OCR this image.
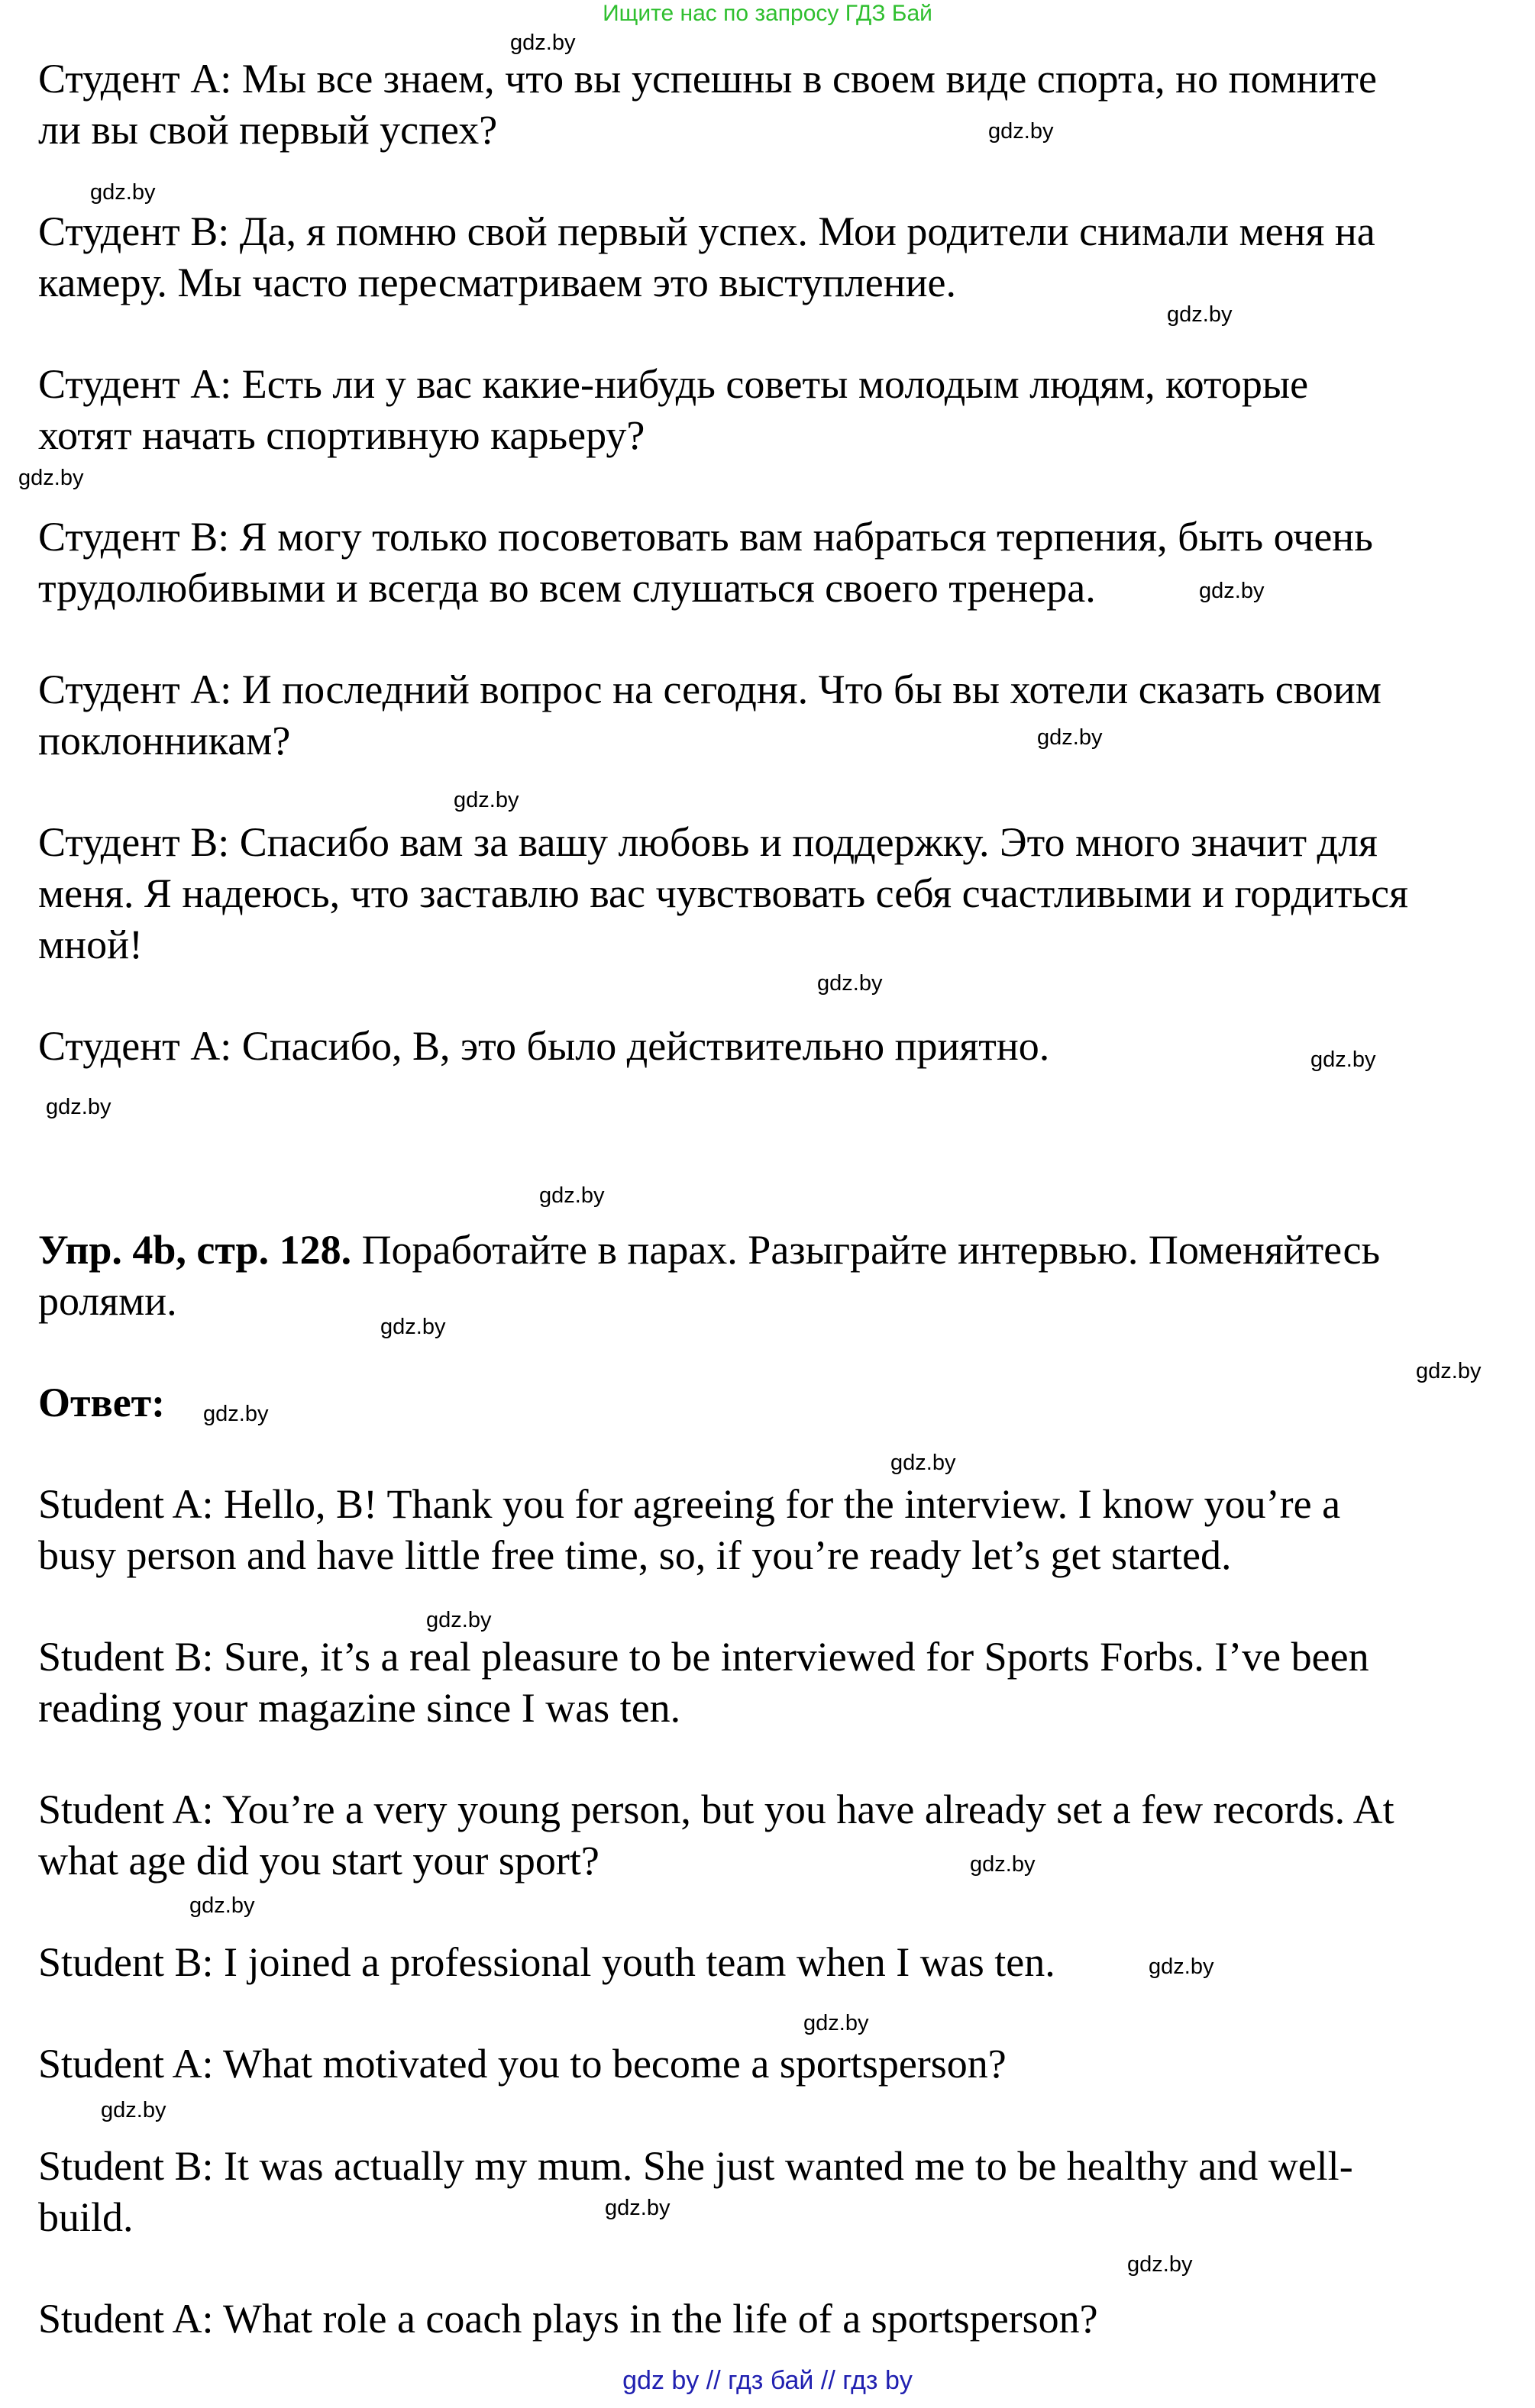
Ищите нас по запросу ГДЗ Бай
Студент А: Мы все знаем, что вы успешны в своем виде спорта, но помните
ли вы свой первый успех?
Студент В: Да, я помню свой первый успех. Мои родители снимали меня на
камеру. Мы часто пересматриваем это выступление.
Студент А: Есть ли у вас какие-нибудь советы молодым людям, которые
хотят начать спортивную карьеру?
Студент В: Я могу только посоветовать вам набраться терпения, быть очень
трудолюбивыми и всегда во всем слушаться своего тренера.
Студент А: И последний вопрос на сегодня. Что бы вы хотели сказать своим
поклонникам?
Студент В: Спасибо вам за вашу любовь и поддержку. Это много значит для
меня. Я надеюсь, что заставлю вас чувствовать себя счастливыми и гордиться
мной!
Студент А: Спасибо, В, это было действительно приятно.
Упр. 4b, стр. 128. Поработайте в парах. Разыграйте интервью. Поменяйтесь
ролями.
Ответ:
Student A: Hello, B! Thank you for agreeing for the interview. I know you’re a
busy person and have little free time, so, if you’re ready let’s get started.
Student B: Sure, it’s a real pleasure to be interviewed for Sports Forbs. I’ve been
reading your magazine since I was ten.
Student A: You’re a very young person, but you have already set a few records. At
what age did you start your sport?
Student B: I joined a professional youth team when I was ten.
Student A: What motivated you to become a sportsperson?
Student B: It was actually my mum. She just wanted me to be healthy and well-
build.
Student A: What role a coach plays in the life of a sportsperson?
gdz.by
gdz.by
gdz.by
gdz.by
gdz.by
gdz.by
gdz.by
gdz.by
gdz.by
gdz.by
gdz.by
gdz.by
gdz.by
gdz.by
gdz.by
gdz.by
gdz.by
gdz.by
gdz.by
gdz.by
gdz.by
gdz.by
gdz.by
gdz.by
gdz by // гдз бай // гдз by
